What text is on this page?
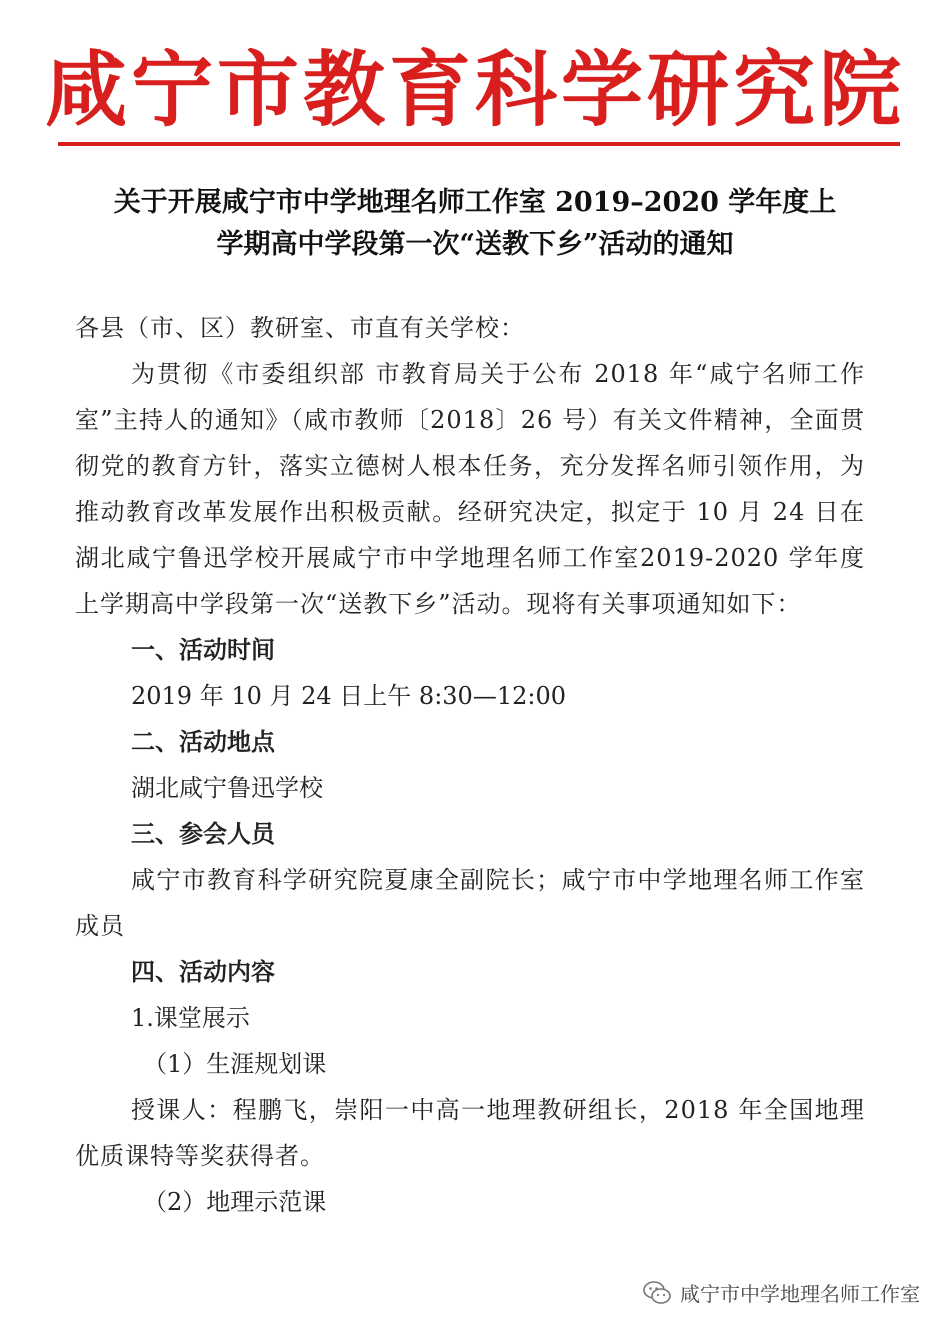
咸宁市教育科学研究院
关于开展咸宁市中学地理名师工作室 2019–2020 学年度上
学期高中学段第一次“送教下乡”活动的通知

各县（市、区）教研室、市直有关学校：

为贯彻《市委组织部 市教育局关于公布 2018 年“咸宁名师工作室”主持人的通知》（咸市教师〔2018〕26 号）有关文件精神，全面贯彻党的教育方针，落实立德树人根本任务，充分发挥名师引领作用，为推动教育改革发展作出积极贡献。经研究决定，拟定于 10 月 24 日在湖北咸宁鲁迅学校开展咸宁市中学地理名师工作室2019-2020 学年度上学期高中学段第一次“送教下乡”活动。现将有关事项通知如下：

一、活动时间

2019 年 10 月 24 日上午 8:30—12:00

二、活动地点

湖北咸宁鲁迅学校

三、参会人员

咸宁市教育科学研究院夏康全副院长；咸宁市中学地理名师工作室成员

四、活动内容

1.课堂展示

（1）生涯规划课

授课人：程鹏飞，崇阳一中高一地理教研组长，2018 年全国地理优质课特等奖获得者。

（2）地理示范课

咸宁市中学地理名师工作室
